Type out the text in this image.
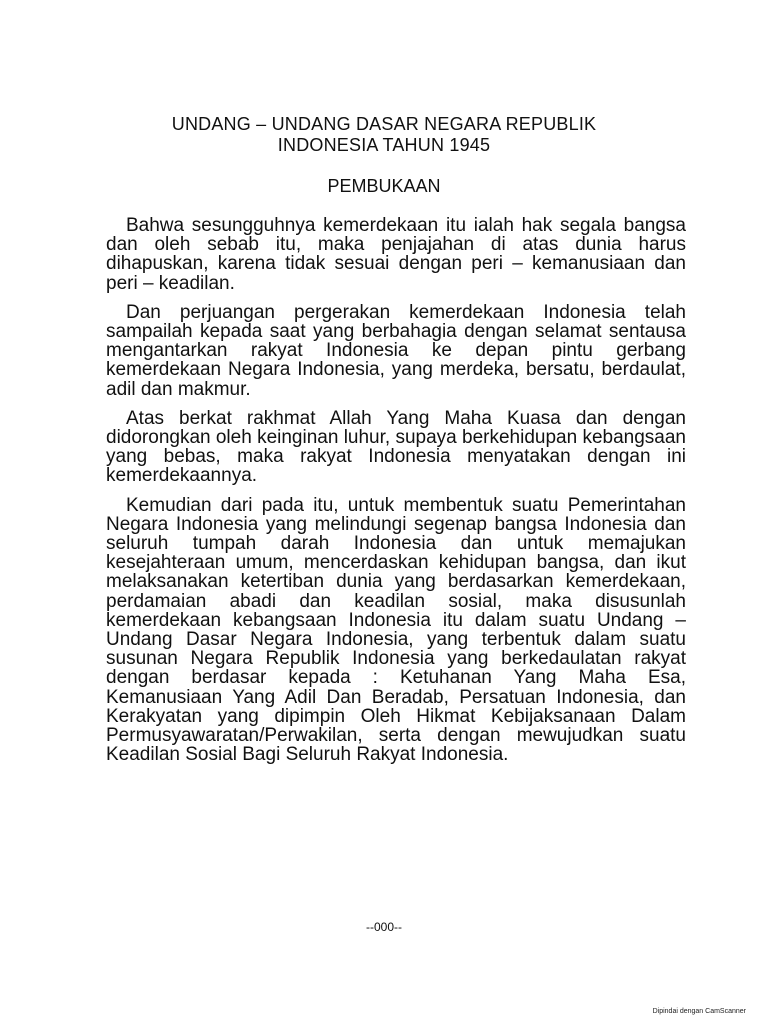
UNDANG – UNDANG DASAR NEGARA REPUBLIK
INDONESIA TAHUN 1945
PEMBUKAAN

Bahwa sesungguhnya kemerdekaan itu ialah hak segala bangsa dan oleh sebab itu, maka penjajahan di atas dunia harus dihapuskan, karena tidak sesuai dengan peri – kemanusiaan dan peri – keadilan.

Dan perjuangan pergerakan kemerdekaan Indonesia telah sampailah kepada saat yang berbahagia dengan selamat sentausa mengantarkan rakyat Indonesia ke depan pintu gerbang kemerdekaan Negara Indonesia, yang merdeka, bersatu, berdaulat, adil dan makmur.

Atas berkat rakhmat Allah Yang Maha Kuasa dan dengan didorongkan oleh keinginan luhur, supaya berkehidupan kebangsaan yang bebas, maka rakyat Indonesia menyatakan dengan ini kemerdekaannya.

Kemudian dari pada itu, untuk membentuk suatu Pemerintahan Negara Indonesia yang melindungi segenap bangsa Indonesia dan seluruh tumpah darah Indonesia dan untuk memajukan kesejahteraan umum, mencerdaskan kehidupan bangsa, dan ikut melaksanakan ketertiban dunia yang berdasarkan kemerdekaan, perdamaian abadi dan keadilan sosial, maka disusunlah kemerdekaan kebangsaan Indonesia itu dalam suatu Undang – Undang Dasar Negara Indonesia, yang terbentuk dalam suatu susunan Negara Republik Indonesia yang berkedaulatan rakyat dengan berdasar kepada : Ketuhanan Yang Maha Esa, Kemanusiaan Yang Adil Dan Beradab, Persatuan Indonesia, dan Kerakyatan yang dipimpin Oleh Hikmat Kebijaksanaan Dalam Permusyawaratan/Perwakilan, serta dengan mewujudkan suatu Keadilan Sosial Bagi Seluruh Rakyat Indonesia.

--000--
Dipindai dengan CamScanner
